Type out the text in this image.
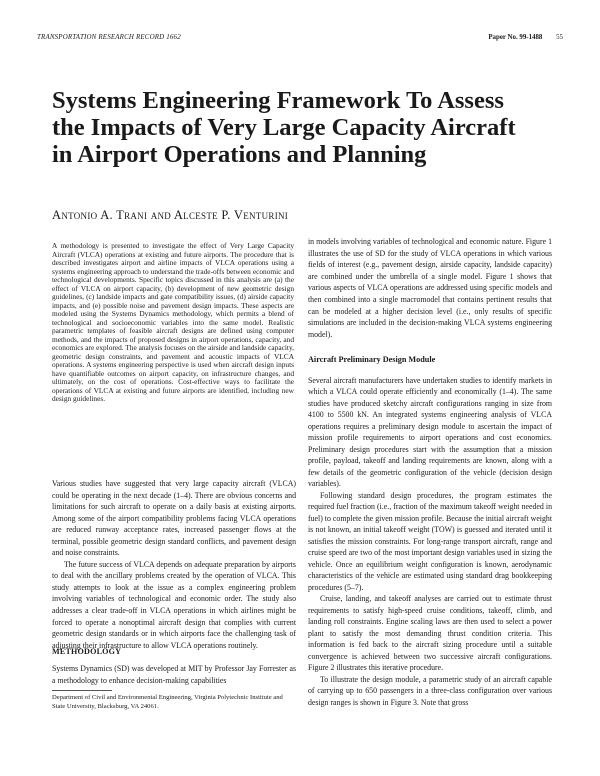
TRANSPORTATION RESEARCH RECORD 1662	Paper No. 99-1488 55
Systems Engineering Framework To Assess the Impacts of Very Large Capacity Aircraft in Airport Operations and Planning
Antonio A. Trani and Alceste P. Venturini

A methodology is presented to investigate the effect of Very Large Capacity Aircraft (VLCA) operations at existing and future airports. The procedure that is described investigates airport and airline impacts of VLCA operations using a systems engineering approach to understand the trade-offs between economic and technological developments. Specific topics discussed in this analysis are (a) the effect of VLCA on airport capacity, (b) development of new geometric design guidelines, (c) landside impacts and gate compatibility issues, (d) airside capacity impacts, and (e) possible noise and pavement design impacts. These aspects are modeled using the Systems Dynamics methodology, which permits a blend of technological and socioeconomic variables into the same model. Realistic parametric templates of feasible aircraft designs are defined using computer methods, and the impacts of proposed designs in airport operations, capacity, and economics are explored. The analysis focuses on the airside and landside capacity, geometric design constraints, and pavement and acoustic impacts of VLCA operations. A systems engineering perspective is used when aircraft design inputs have quantifiable outcomes on airport capacity, on infrastructure changes, and ultimately, on the cost of operations. Cost-effective ways to facilitate the operations of VLCA at existing and future airports are identified, including new design guidelines.

Various studies have suggested that very large capacity aircraft (VLCA) could be operating in the next decade (1–4). There are obvious concerns and limitations for such aircraft to operate on a daily basis at existing airports. Among some of the airport compatibility problems facing VLCA operations are reduced runway acceptance rates, increased passenger flows at the terminal, possible geometric design standard conflicts, and pavement design and noise constraints.

The future success of VLCA depends on adequate preparation by airports to deal with the ancillary problems created by the operation of VLCA. This study attempts to look at the issue as a complex engineering problem involving variables of technological and economic order. The study also addresses a clear trade-off in VLCA operations in which airlines might be forced to operate a nonoptimal aircraft design that complies with current geometric design standards or in which airports face the challenging task of adjusting their infrastructure to allow VLCA operations routinely.

METHODOLOGY

Systems Dynamics (SD) was developed at MIT by Professor Jay Forrester as a methodology to enhance decision-making capabilities

Department of Civil and Environmental Engineering, Virginia Polytechnic Institute and State University, Blacksburg, VA 24061.

in models involving variables of technological and economic nature. Figure 1 illustrates the use of SD for the study of VLCA operations in which various fields of interest (e.g., pavement design, airside capacity, landside capacity) are combined under the umbrella of a single model. Figure 1 shows that various aspects of VLCA operations are addressed using specific models and then combined into a single macromodel that contains pertinent results that can be modeled at a higher decision level (i.e., only results of specific simulations are included in the decision-making VLCA systems engineering model).

Aircraft Preliminary Design Module

Several aircraft manufacturers have undertaken studies to identify markets in which a VLCA could operate efficiently and economically (1–4). The same studies have produced sketchy aircraft configurations ranging in size from 4100 to 5500 kN. An integrated systems engineering analysis of VLCA operations requires a preliminary design module to ascertain the impact of mission profile requirements to airport operations and cost economics. Preliminary design procedures start with the assumption that a mission profile, payload, takeoff and landing requirements are known, along with a few details of the geometric configuration of the vehicle (decision design variables).

Following standard design procedures, the program estimates the required fuel fraction (i.e., fraction of the maximum takeoff weight needed in fuel) to complete the given mission profile. Because the initial aircraft weight is not known, an initial takeoff weight (TOW) is guessed and iterated until it satisfies the mission constraints. For long-range transport aircraft, range and cruise speed are two of the most important design variables used in sizing the vehicle. Once an equilibrium weight configuration is known, aerodynamic characteristics of the vehicle are estimated using standard drag bookkeeping procedures (5–7).

Cruise, landing, and takeoff analyses are carried out to estimate thrust requirements to satisfy high-speed cruise conditions, takeoff, climb, and landing roll constraints. Engine scaling laws are then used to select a power plant to satisfy the most demanding thrust condition criteria. This information is fed back to the aircraft sizing procedure until a suitable convergence is achieved between two successive aircraft configurations. Figure 2 illustrates this iterative procedure.

To illustrate the design module, a parametric study of an aircraft capable of carrying up to 650 passengers in a three-class configuration over various design ranges is shown in Figure 3. Note that gross
